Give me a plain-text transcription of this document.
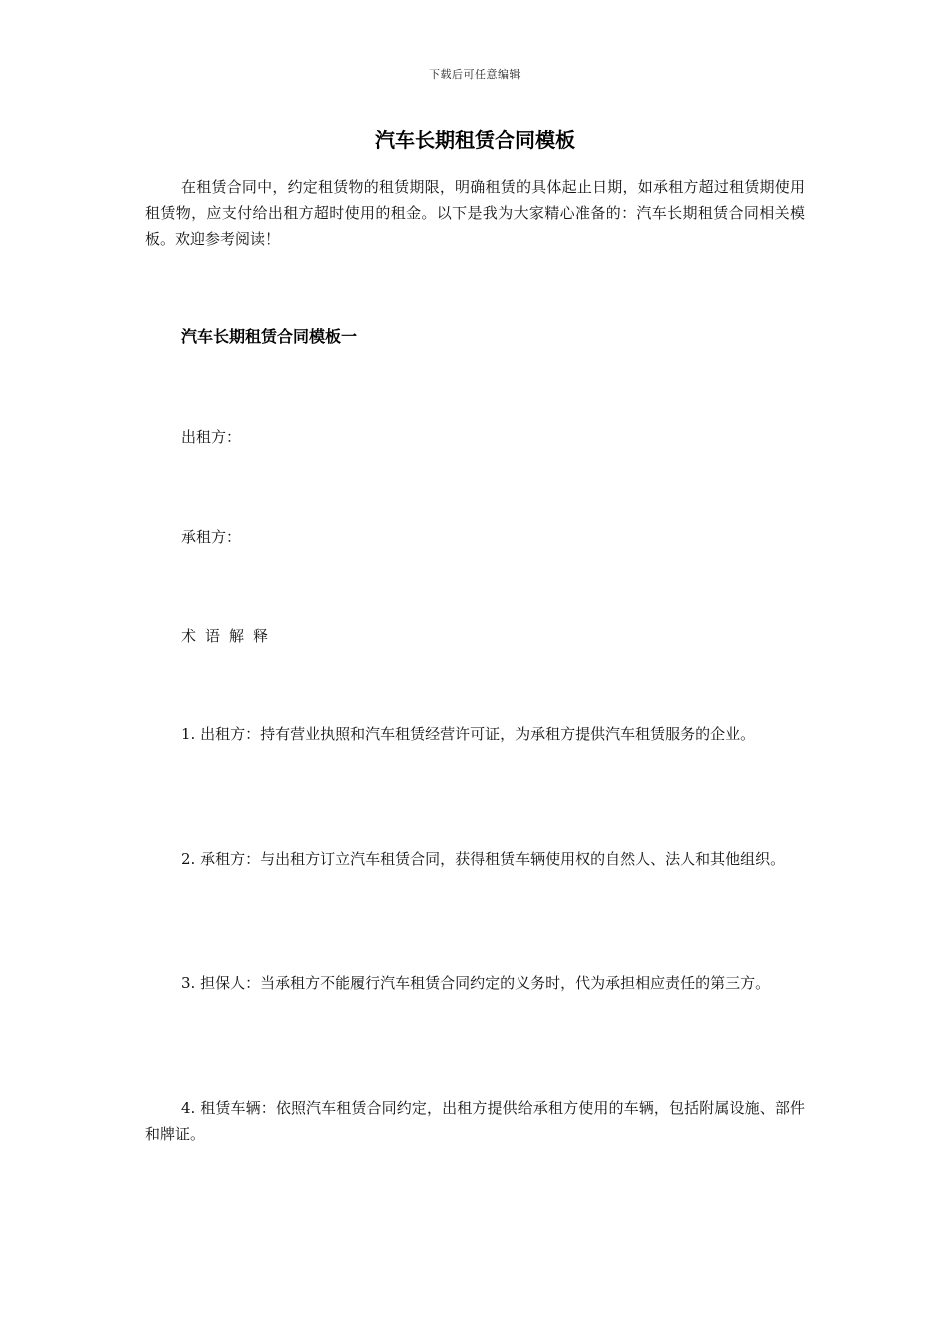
下载后可任意编辑
汽车长期租赁合同模板
在租赁合同中，约定租赁物的租赁期限，明确租赁的具体起止日期，如承租方超过租赁期使用租赁物，应支付给出租方超时使用的租金。以下是我为大家精心准备的：汽车长期租赁合同相关模板。欢迎参考阅读！
汽车长期租赁合同模板一
出租方：
承租方：
术语解释
1. 出租方：持有营业执照和汽车租赁经营许可证，为承租方提供汽车租赁服务的企业。
2. 承租方：与出租方订立汽车租赁合同，获得租赁车辆使用权的自然人、法人和其他组织。
3. 担保人：当承租方不能履行汽车租赁合同约定的义务时，代为承担相应责任的第三方。
4. 租赁车辆：依照汽车租赁合同约定，出租方提供给承租方使用的车辆，包括附属设施、部件和牌证。
